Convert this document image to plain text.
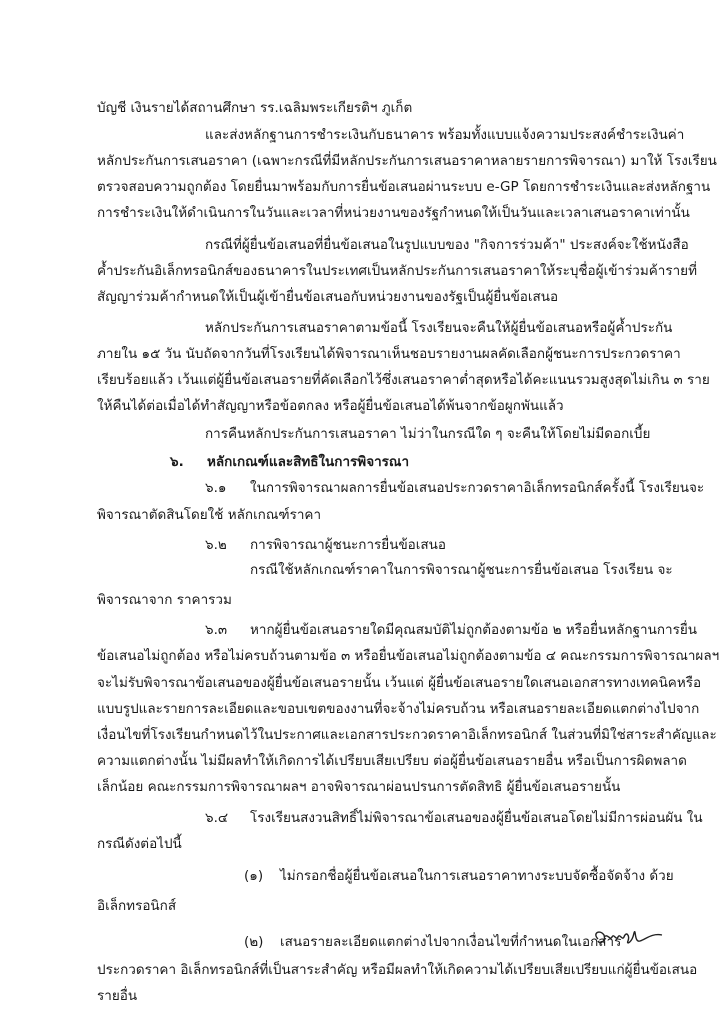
บัญชี เงินรายได้สถานศึกษา รร.เฉลิมพระเกียรติฯ ภูเก็ต
และส่งหลักฐานการชำระเงินกับธนาคาร พร้อมทั้งแบบแจ้งความประสงค์ชำระเงินค่า
หลักประกันการเสนอราคา (เฉพาะกรณีที่มีหลักประกันการเสนอราคาหลายรายการพิจารณา) มาให้ โรงเรียน
ตรวจสอบความถูกต้อง โดยยื่นมาพร้อมกับการยื่นข้อเสนอผ่านระบบ e-GP โดยการชำระเงินและส่งหลักฐาน
การชำระเงินให้ดำเนินการในวันและเวลาที่หน่วยงานของรัฐกำหนดให้เป็นวันและเวลาเสนอราคาเท่านั้น
กรณีที่ผู้ยื่นข้อเสนอที่ยื่นข้อเสนอในรูปแบบของ "กิจการร่วมค้า" ประสงค์จะใช้หนังสือ
ค้ำประกันอิเล็กทรอนิกส์ของธนาคารในประเทศเป็นหลักประกันการเสนอราคาให้ระบุชื่อผู้เข้าร่วมค้ารายที่
สัญญาร่วมค้ากำหนดให้เป็นผู้เข้ายื่นข้อเสนอกับหน่วยงานของรัฐเป็นผู้ยื่นข้อเสนอ
หลักประกันการเสนอราคาตามข้อนี้ โรงเรียนจะคืนให้ผู้ยื่นข้อเสนอหรือผู้ค้ำประกัน
ภายใน ๑๕ วัน นับถัดจากวันที่โรงเรียนได้พิจารณาเห็นชอบรายงานผลคัดเลือกผู้ชนะการประกวดราคา
เรียบร้อยแล้ว เว้นแต่ผู้ยื่นข้อเสนอรายที่คัดเลือกไว้ซึ่งเสนอราคาต่ำสุดหรือได้คะแนนรวมสูงสุดไม่เกิน ๓ ราย
ให้คืนได้ต่อเมื่อได้ทำสัญญาหรือข้อตกลง หรือผู้ยื่นข้อเสนอได้พ้นจากข้อผูกพันแล้ว
การคืนหลักประกันการเสนอราคา ไม่ว่าในกรณีใด ๆ จะคืนให้โดยไม่มีดอกเบี้ย
๖. หลักเกณฑ์และสิทธิในการพิจารณา
๖.๑ ในการพิจารณาผลการยื่นข้อเสนอประกวดราคาอิเล็กทรอนิกส์ครั้งนี้ โรงเรียนจะ
พิจารณาตัดสินโดยใช้ หลักเกณฑ์ราคา
๖.๒ การพิจารณาผู้ชนะการยื่นข้อเสนอ
กรณีใช้หลักเกณฑ์ราคาในการพิจารณาผู้ชนะการยื่นข้อเสนอ โรงเรียน จะ
พิจารณาจาก ราคารวม
๖.๓ หากผู้ยื่นข้อเสนอรายใดมีคุณสมบัติไม่ถูกต้องตามข้อ ๒ หรือยื่นหลักฐานการยื่น
ข้อเสนอไม่ถูกต้อง หรือไม่ครบถ้วนตามข้อ ๓ หรือยื่นข้อเสนอไม่ถูกต้องตามข้อ ๔ คณะกรรมการพิจารณาผลฯ
จะไม่รับพิจารณาข้อเสนอของผู้ยื่นข้อเสนอรายนั้น เว้นแต่ ผู้ยื่นข้อเสนอรายใดเสนอเอกสารทางเทคนิคหรือ
แบบรูปและรายการละเอียดและขอบเขตของงานที่จะจ้างไม่ครบถ้วน หรือเสนอรายละเอียดแตกต่างไปจาก
เงื่อนไขที่โรงเรียนกำหนดไว้ในประกาศและเอกสารประกวดราคาอิเล็กทรอนิกส์ ในส่วนที่มิใช่สาระสำคัญและ
ความแตกต่างนั้น ไม่มีผลทำให้เกิดการได้เปรียบเสียเปรียบ ต่อผู้ยื่นข้อเสนอรายอื่น หรือเป็นการผิดพลาด
เล็กน้อย คณะกรรมการพิจารณาผลฯ อาจพิจารณาผ่อนปรนการตัดสิทธิ ผู้ยื่นข้อเสนอรายนั้น
๖.๔ โรงเรียนสงวนสิทธิ์ไม่พิจารณาข้อเสนอของผู้ยื่นข้อเสนอโดยไม่มีการผ่อนผัน ใน
กรณีดังต่อไปนี้
(๑) ไม่กรอกชื่อผู้ยื่นข้อเสนอในการเสนอราคาทางระบบจัดซื้อจัดจ้าง ด้วย
อิเล็กทรอนิกส์
(๒) เสนอรายละเอียดแตกต่างไปจากเงื่อนไขที่กำหนดในเอกสาร
ประกวดราคา อิเล็กทรอนิกส์ที่เป็นสาระสำคัญ หรือมีผลทำให้เกิดความได้เปรียบเสียเปรียบแก่ผู้ยื่นข้อเสนอ
รายอื่น
